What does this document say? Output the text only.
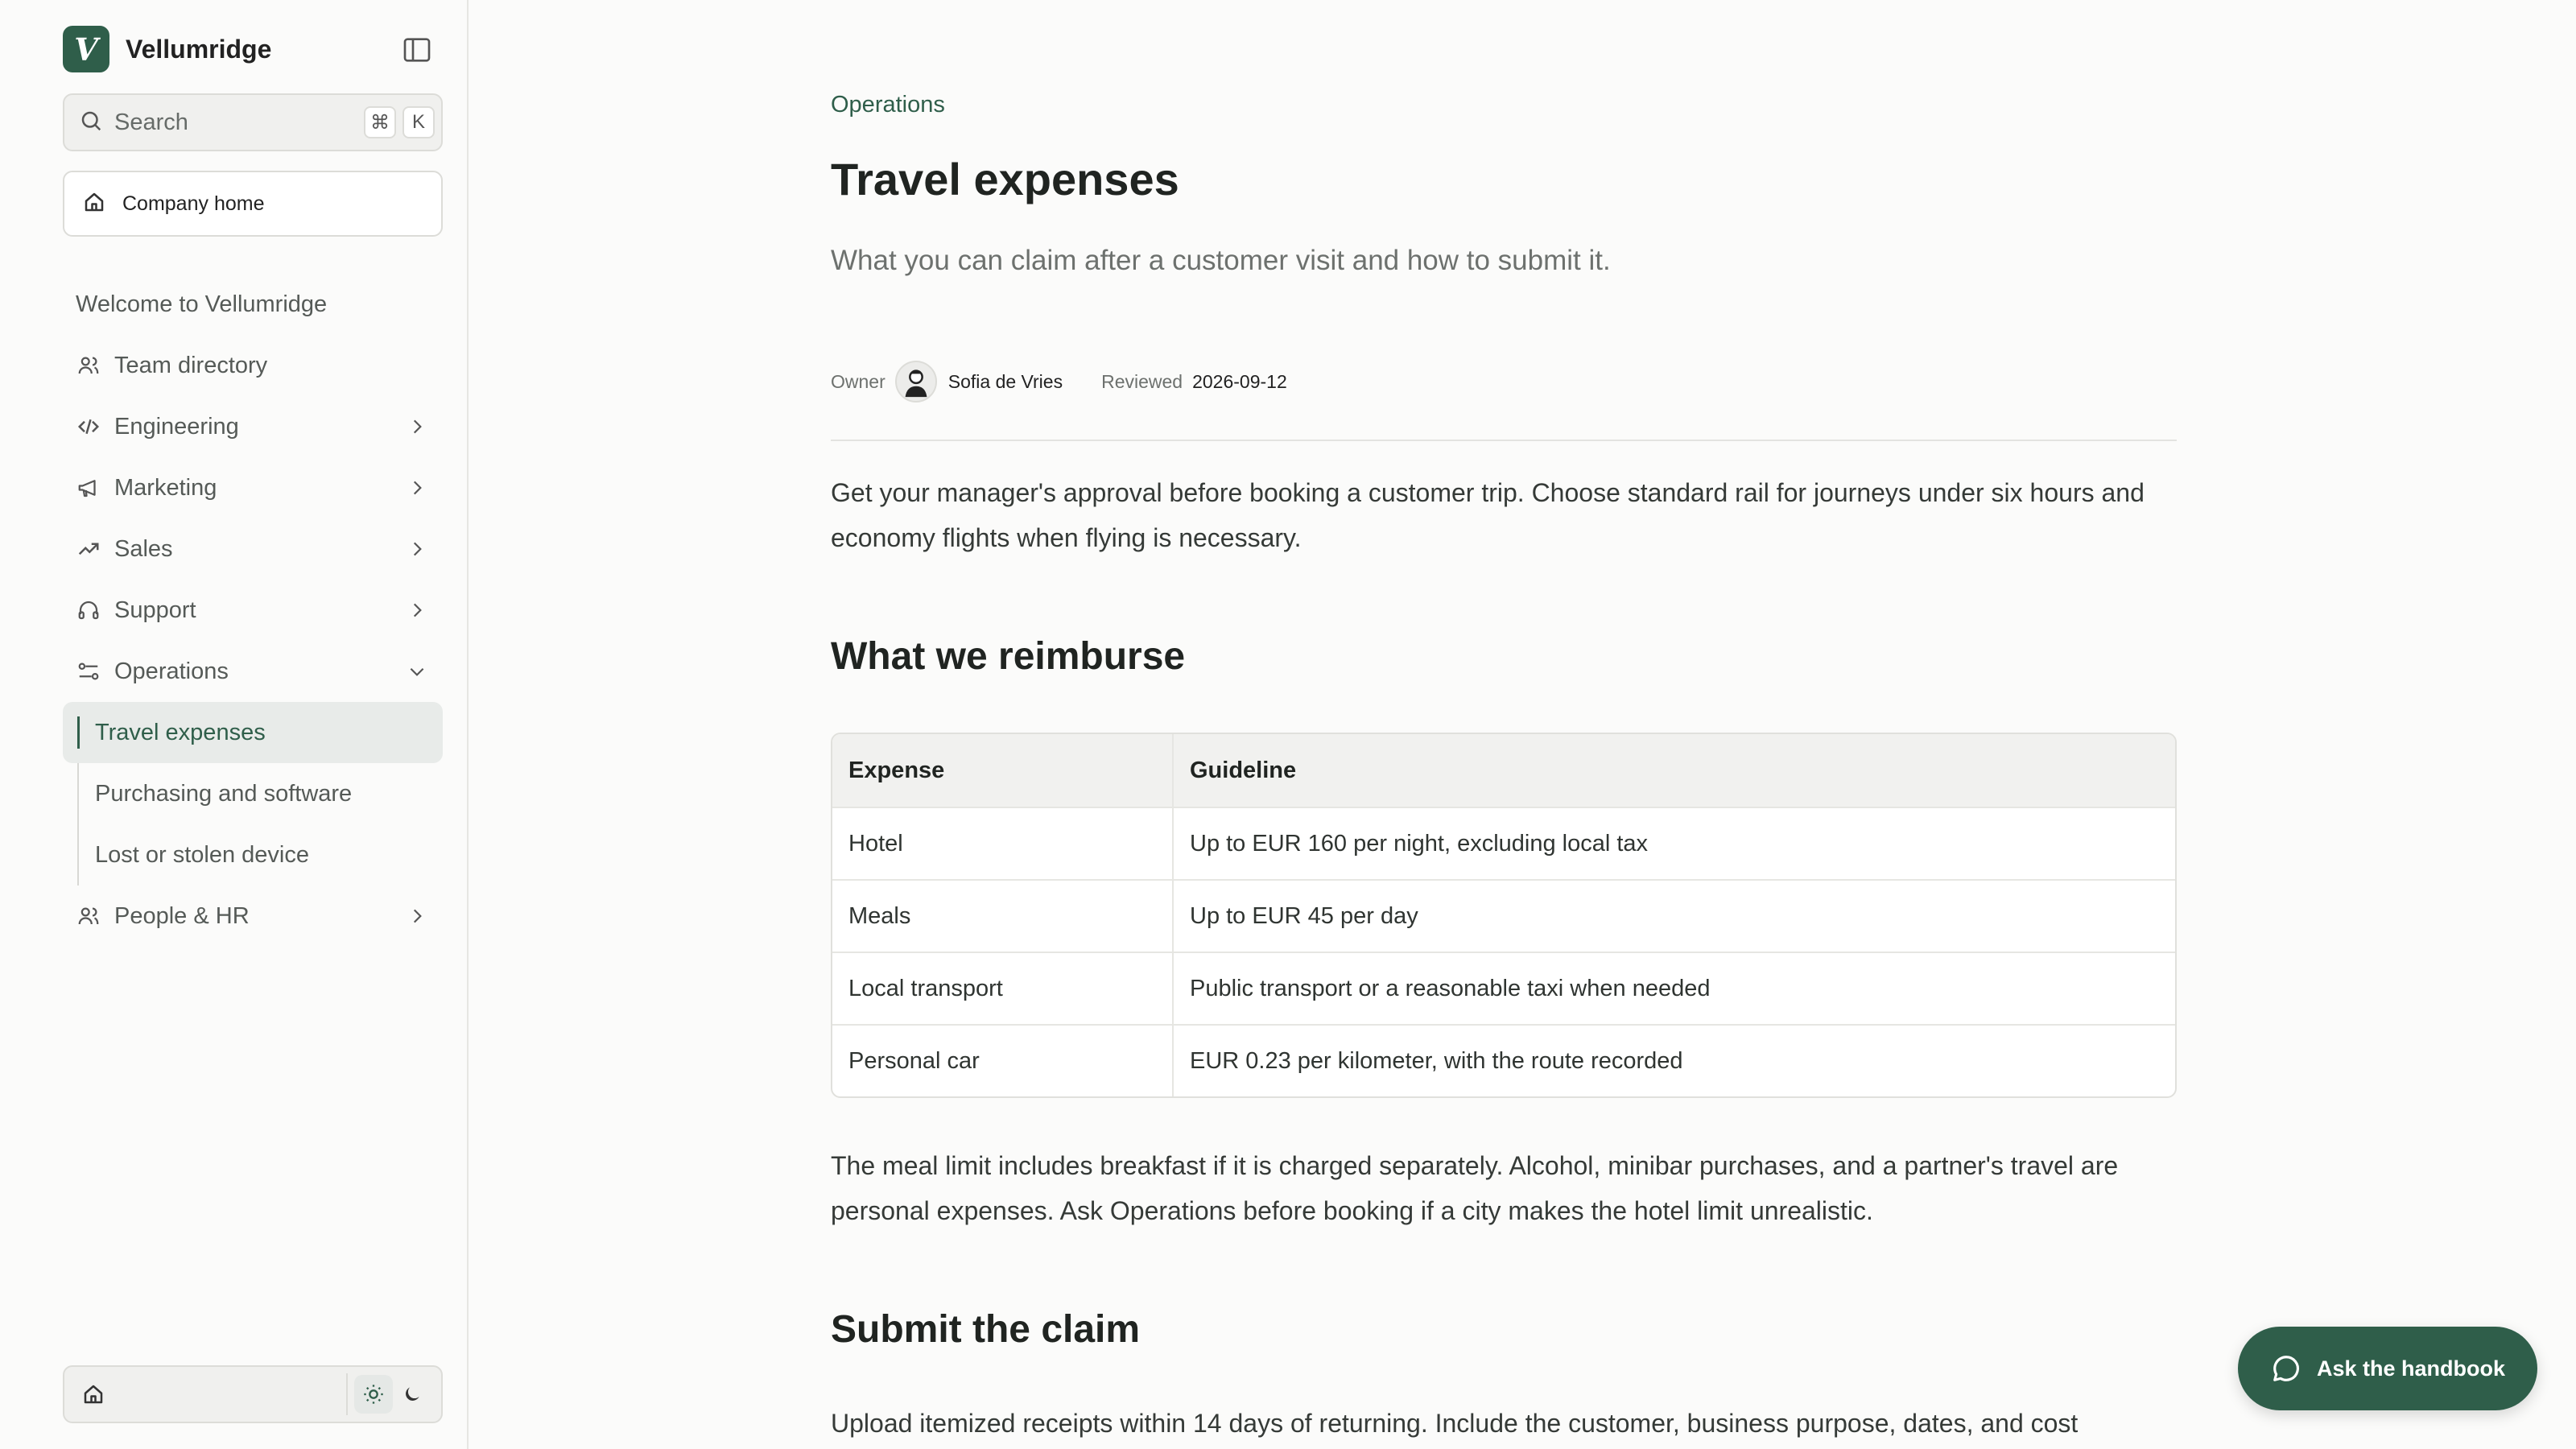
V	Vellumridge
Search	⌘	K
Company home
Welcome to Vellumridge
Team directory
Engineering
Marketing
Sales
Support
Operations
Travel expenses
Purchasing and software
Lost or stolen device
People & HR
Operations
Travel expenses
What you can claim after a customer visit and how to submit it.
Owner	Sofia de Vries Reviewed 2026-09-12

Get your manager's approval before booking a customer trip. Choose standard rail for journeys under six hours and economy flights when flying is necessary.

What we reimburse
Expense	Guideline
Hotel	Up to EUR 160 per night, excluding local tax
Meals	Up to EUR 45 per day
Local transport	Public transport or a reasonable taxi when needed
Personal car	EUR 0.23 per kilometer, with the route recorded

The meal limit includes breakfast if it is charged separately. Alcohol, minibar purchases, and a partner's travel are personal expenses. Ask Operations before booking if a city makes the hotel limit unrealistic.

Submit the claim

Upload itemized receipts within 14 days of returning. Include the customer, business purpose, dates, and cost

Ask the handbook
